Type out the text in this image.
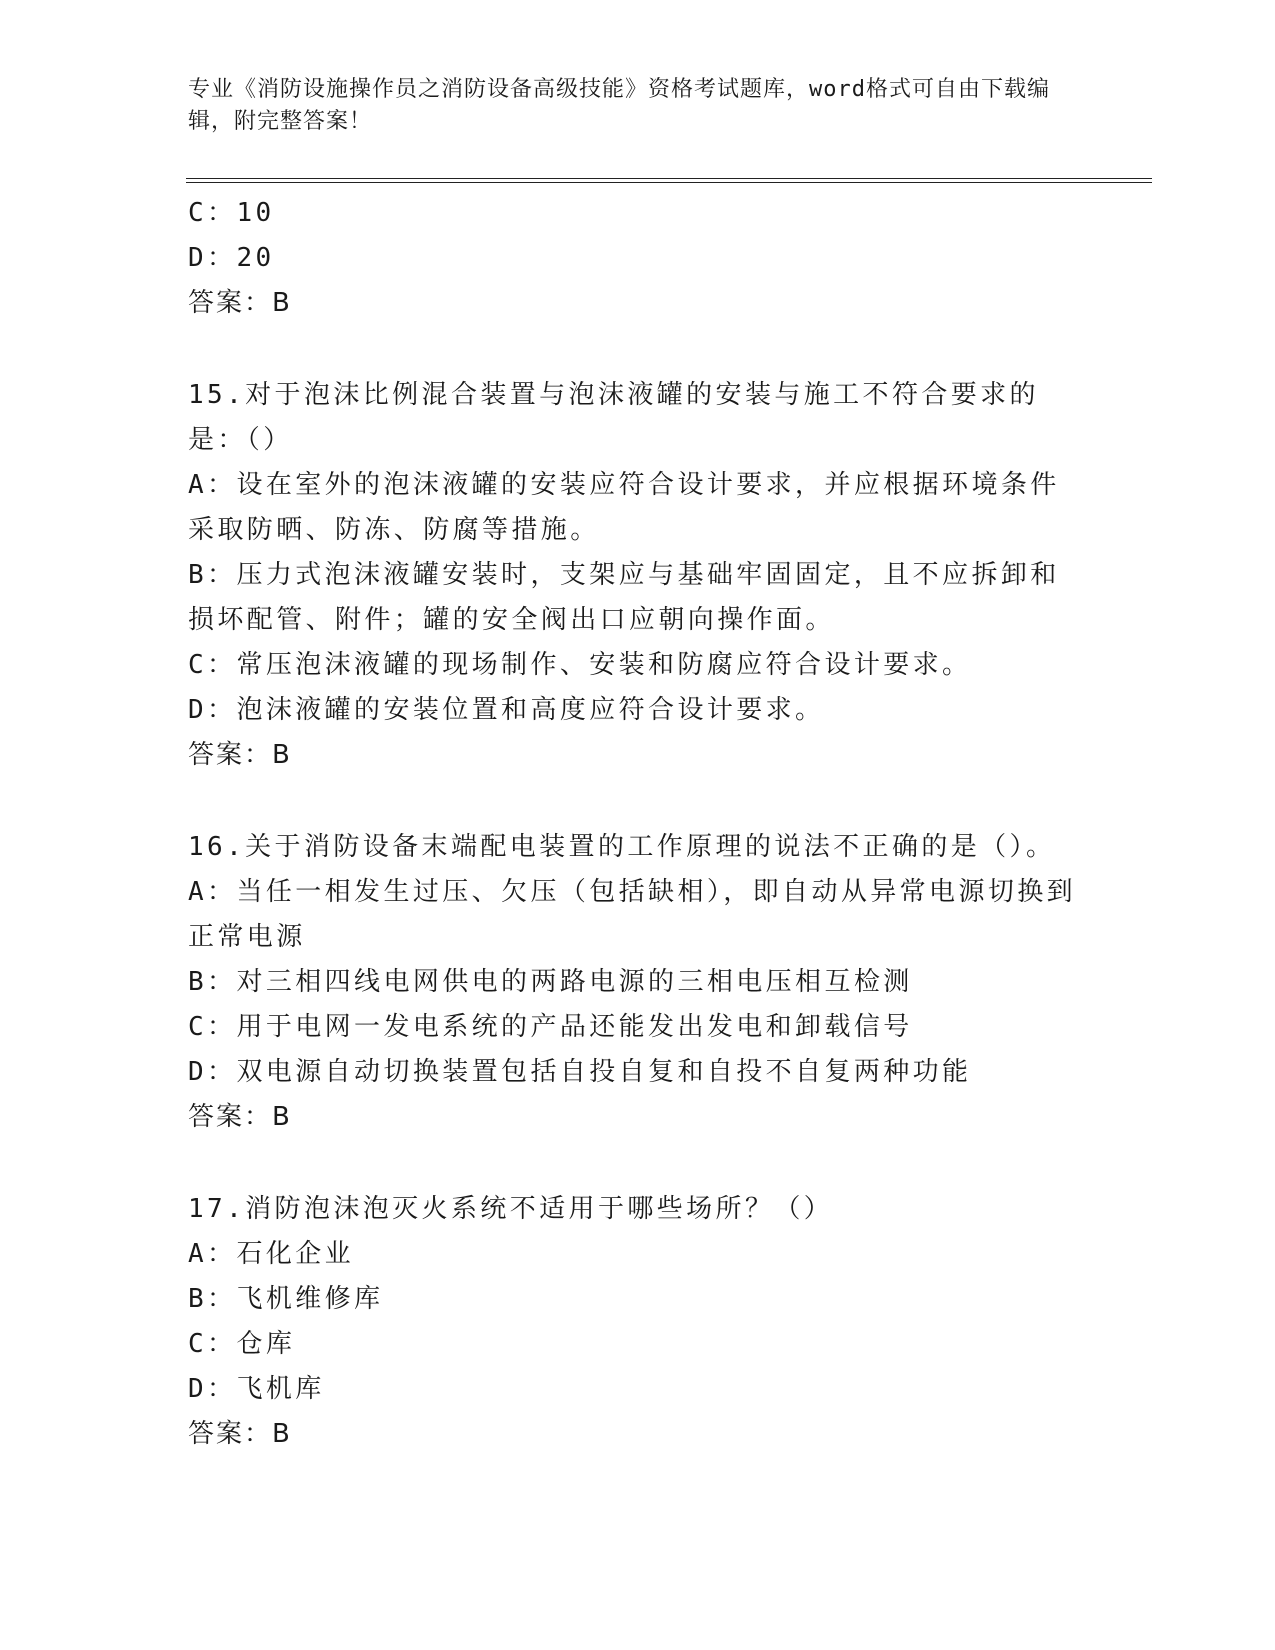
专业《消防设施操作员之消防设备高级技能》资格考试题库，word格式可自由下载编辑，附完整答案！
C：10
D：20
答案：B
15.对于泡沫比例混合装置与泡沫液罐的安装与施工不符合要求的是：（）
A：设在室外的泡沫液罐的安装应符合设计要求，并应根据环境条件采取防晒、防冻、防腐等措施。
B：压力式泡沫液罐安装时，支架应与基础牢固固定，且不应拆卸和损坏配管、附件；罐的安全阀出口应朝向操作面。
C：常压泡沫液罐的现场制作、安装和防腐应符合设计要求。
D：泡沫液罐的安装位置和高度应符合设计要求。
答案：B
16.关于消防设备末端配电装置的工作原理的说法不正确的是（）。
A：当任一相发生过压、欠压（包括缺相），即自动从异常电源切换到正常电源
B：对三相四线电网供电的两路电源的三相电压相互检测
C：用于电网一发电系统的产品还能发出发电和卸载信号
D：双电源自动切换装置包括自投自复和自投不自复两种功能
答案：B
17.消防泡沫泡灭火系统不适用于哪些场所？（）
A：石化企业
B：飞机维修库
C：仓库
D：飞机库
答案：B
